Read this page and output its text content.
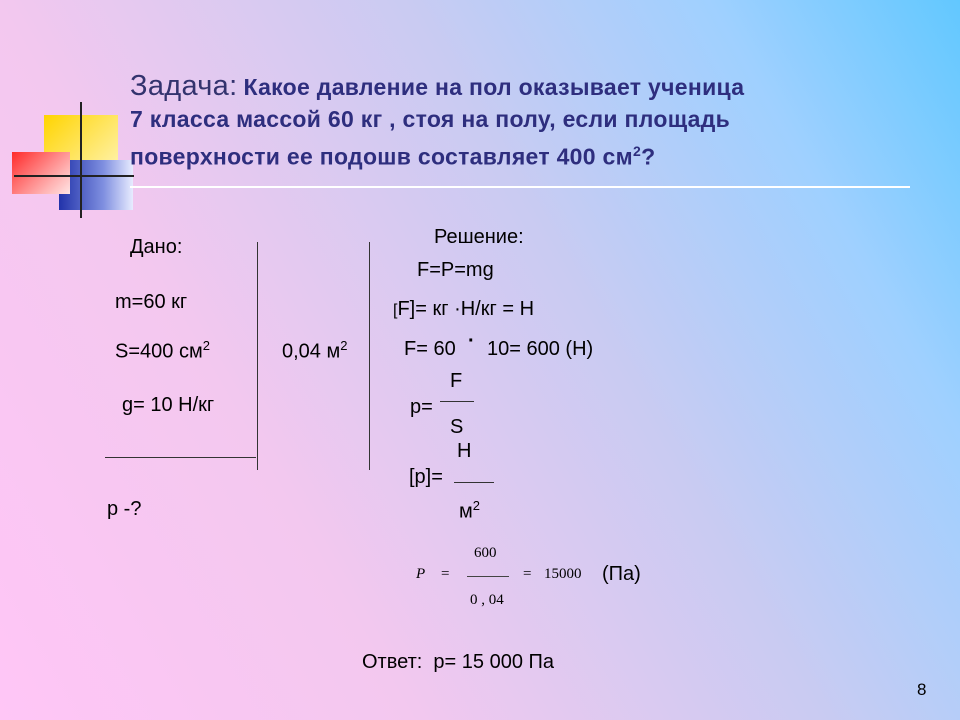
Задача: Какое давление на пол оказывает ученица
7 класса массой 60 кг , стоя на полу, если площадь
поверхности ее подошв составляет 400 $см^2$?
Дано:
m=60 кг
S=400 $см^2$	0,04 $м^2$
g= 10 Н/кг
p -?
Решение:
F=P=mg
[F]= кг ·Н/кг = Н
F= 60 · 10= 600 (Н)
F
p=
S
Н
[p]=
$м^2$
600
P =
0 , 04
= 15000 (Па)
Ответ:  p= 15 000 Па
8
